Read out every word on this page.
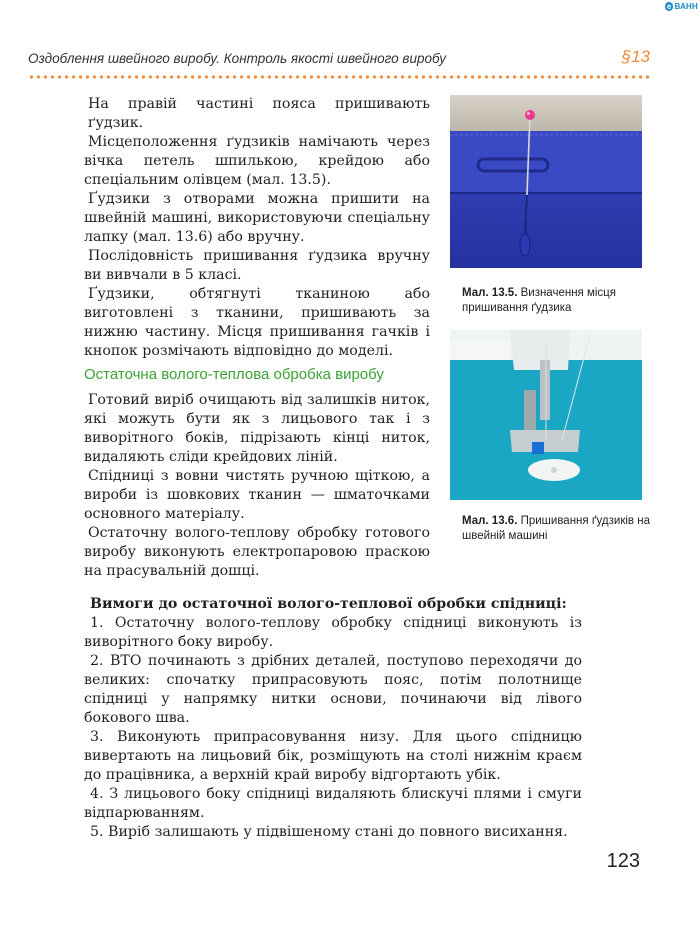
е ВАНН
Оздоблення швейного виробу. Контроль якості швейного виробу	§13

На правій частині пояса пришивають ґудзик.

Місцеположення ґудзиків намічають через вічка петель шпилькою, крейдою або спеціальним олівцем (мал. 13.5).

Ґудзики з отворами можна пришити на швейній машині, використовуючи спеціальну лапку (мал. 13.6) або вручну.

Послідовність пришивання ґудзика вручну ви вивчали в 5 класі.

Ґудзики, обтягнуті тканиною або виготовлені з тканини, пришивають за нижню частину. Місця пришивання гачків і кнопок розмічають відповідно до моделі.

Остаточна волого-теплова обробка виробу

Готовий виріб очищають від залишків ниток, які можуть бути як з лицьового так і з виворітного боків, підрізають кінці ниток, видаляють сліди крейдових ліній.

Спідниці з вовни чистять ручною щіткою, а вироби із шовкових тканин — шматочками основного матеріалу.

Остаточну волого-теплову обробку готового виробу виконують електропаровою праскою на прасувальній дошці.

Мал. 13.5. Визначення місця пришивання ґудзика
Мал. 13.6. Пришивання ґудзиків на швейній машині

Вимоги до остаточної волого-теплової обробки спідниці:

1. Остаточну волого-теплову обробку спідниці виконують із виворітного боку виробу.

2. ВТО починають з дрібних деталей, поступово переходячи до великих: спочатку припрасовують пояс, потім полотнище спідниці у напрямку нитки основи, починаючи від лівого бокового шва.

3. Виконують припрасовування низу. Для цього спідницю вивертають на лицьовий бік, розміщують на столі нижнім краєм до працівника, а верхній край виробу відгортають убік.

4. З лицьового боку спідниці видаляють блискучі плями і смуги відпарюванням.

5. Виріб залишають у підвішеному стані до повного висихання.

123
